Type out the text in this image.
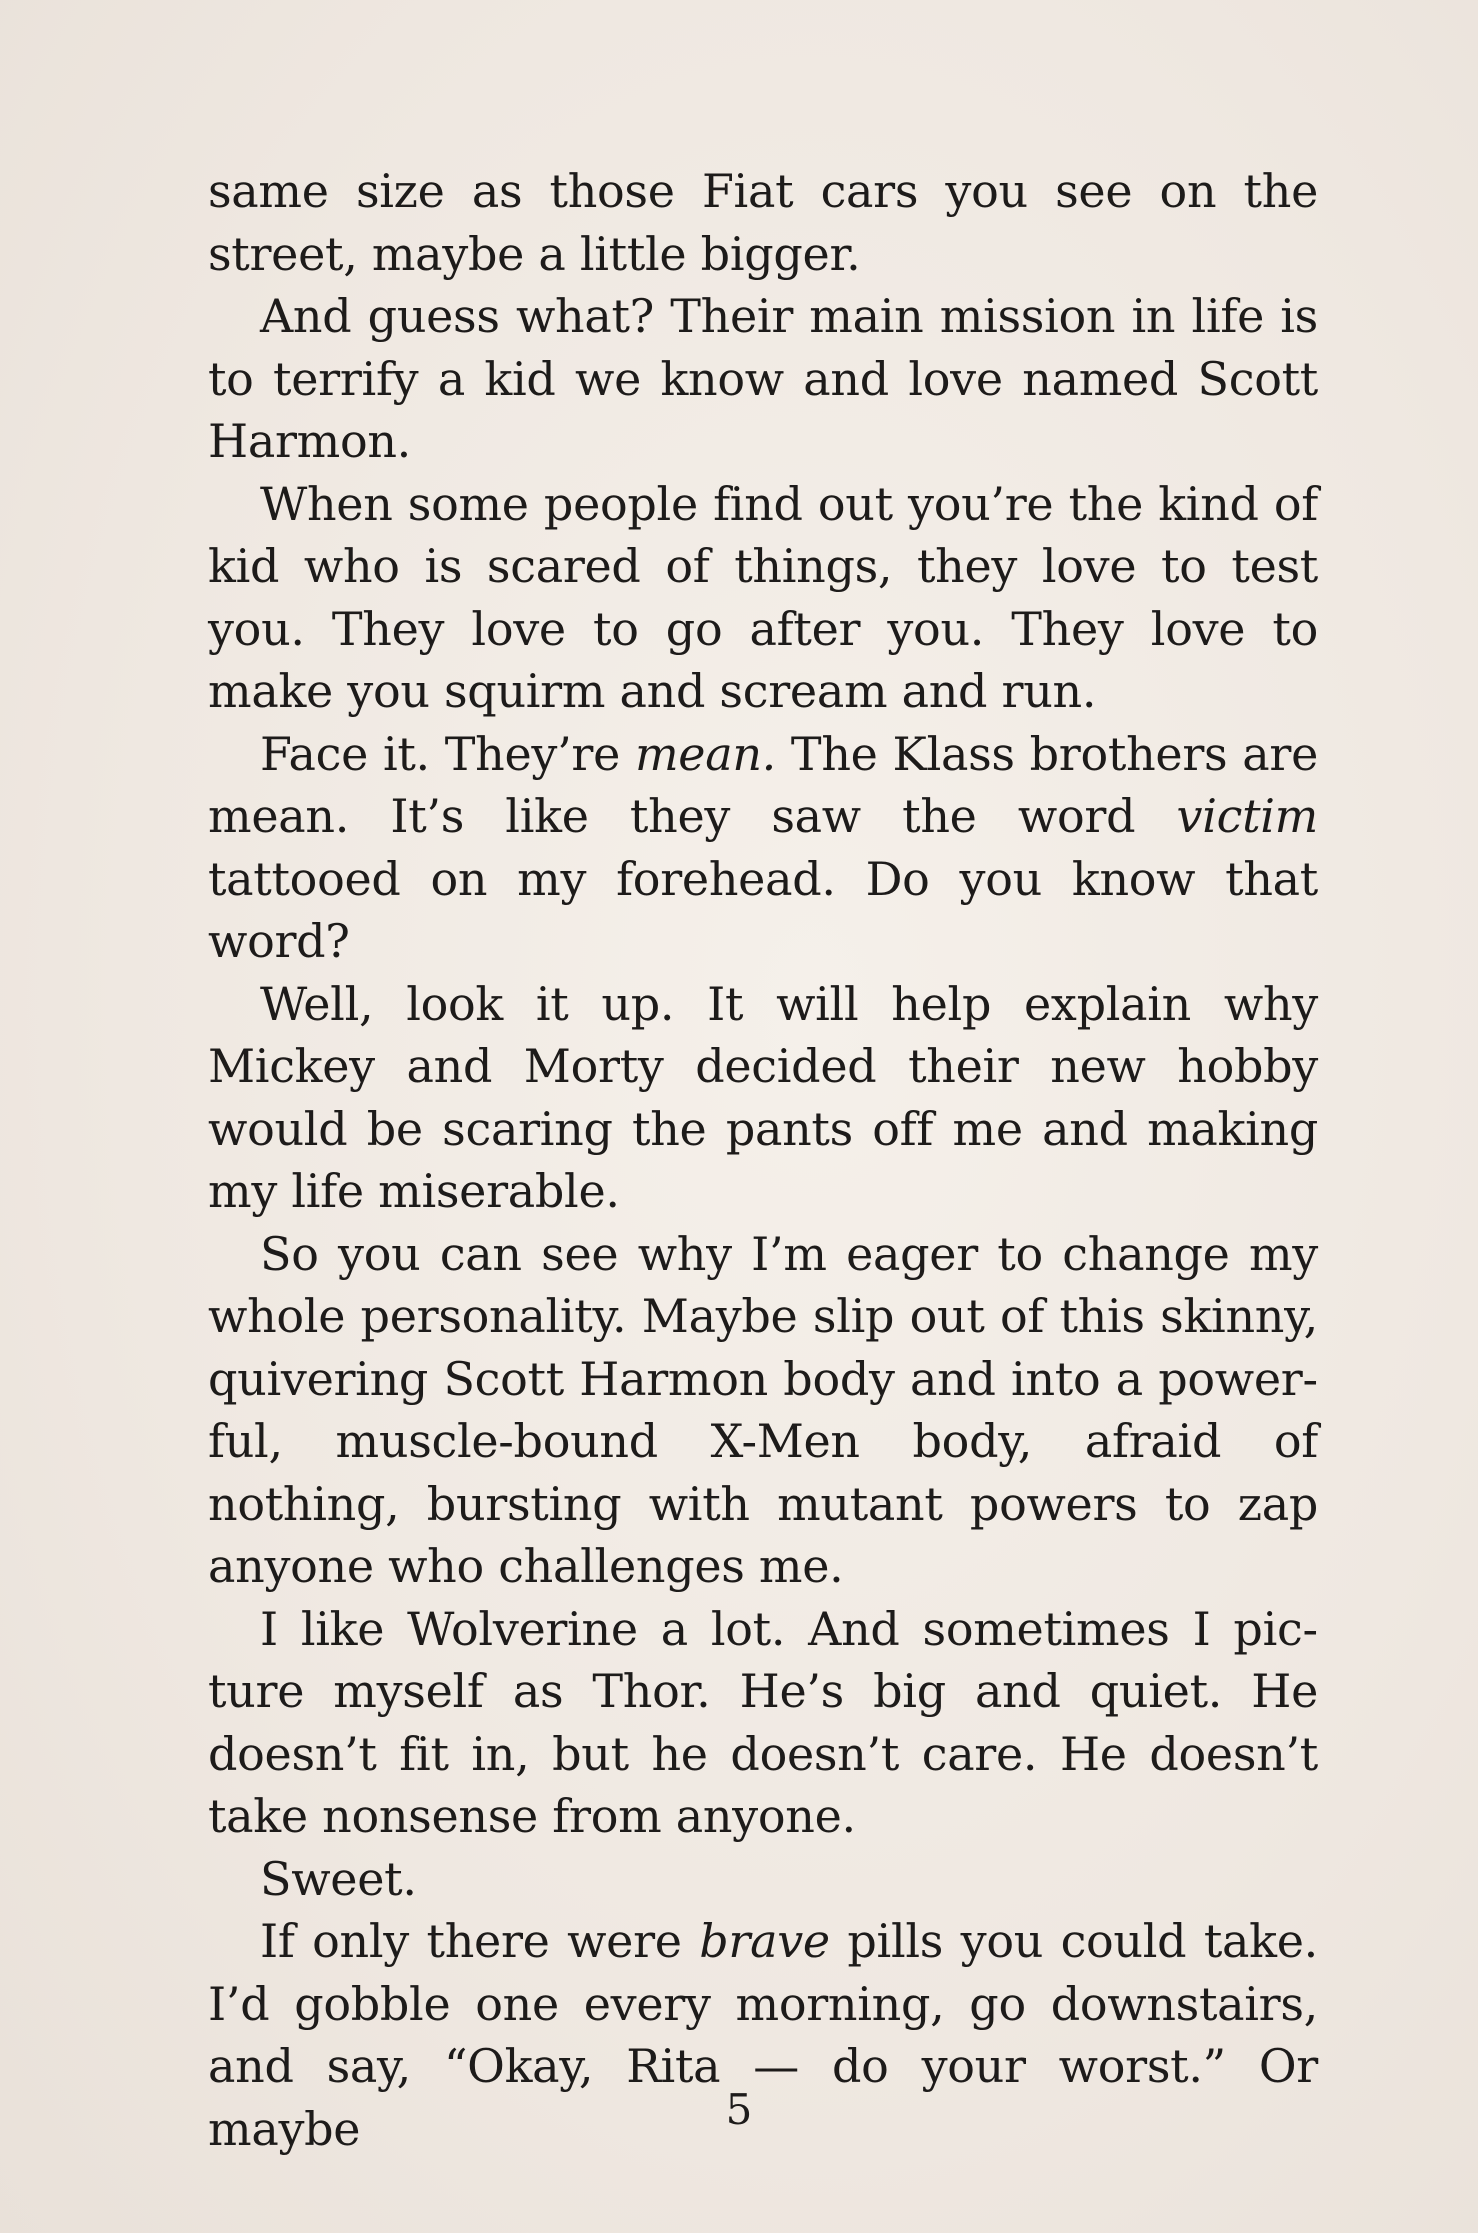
same size as those Fiat cars you see on the street, maybe a little bigger.

And guess what? Their main mission in life is to terrify a kid we know and love named Scott Harmon.

When some people find out you’re the kind of kid who is scared of things, they love to test you. They love to go after you. They love to make you squirm and scream and run.

Face it. They’re mean. The Klass brothers are mean. It’s like they saw the word victim tattooed on my forehead. Do you know that word?

Well, look it up. It will help explain why Mickey and Morty decided their new hobby would be scaring the pants off me and making my life miserable.

So you can see why I’m eager to change my whole personality. Maybe slip out of this skinny, quivering Scott Harmon body and into a powerful, muscle-bound X-Men body, afraid of nothing, bursting with mutant powers to zap anyone who challenges me.

I like Wolverine a lot. And sometimes I picture myself as Thor. He’s big and quiet. He doesn’t fit in, but he doesn’t care. He doesn’t take nonsense from anyone.

Sweet.

If only there were brave pills you could take. I’d gobble one every morning, go downstairs, and say, “Okay, Rita — do your worst.” Or maybe	5
